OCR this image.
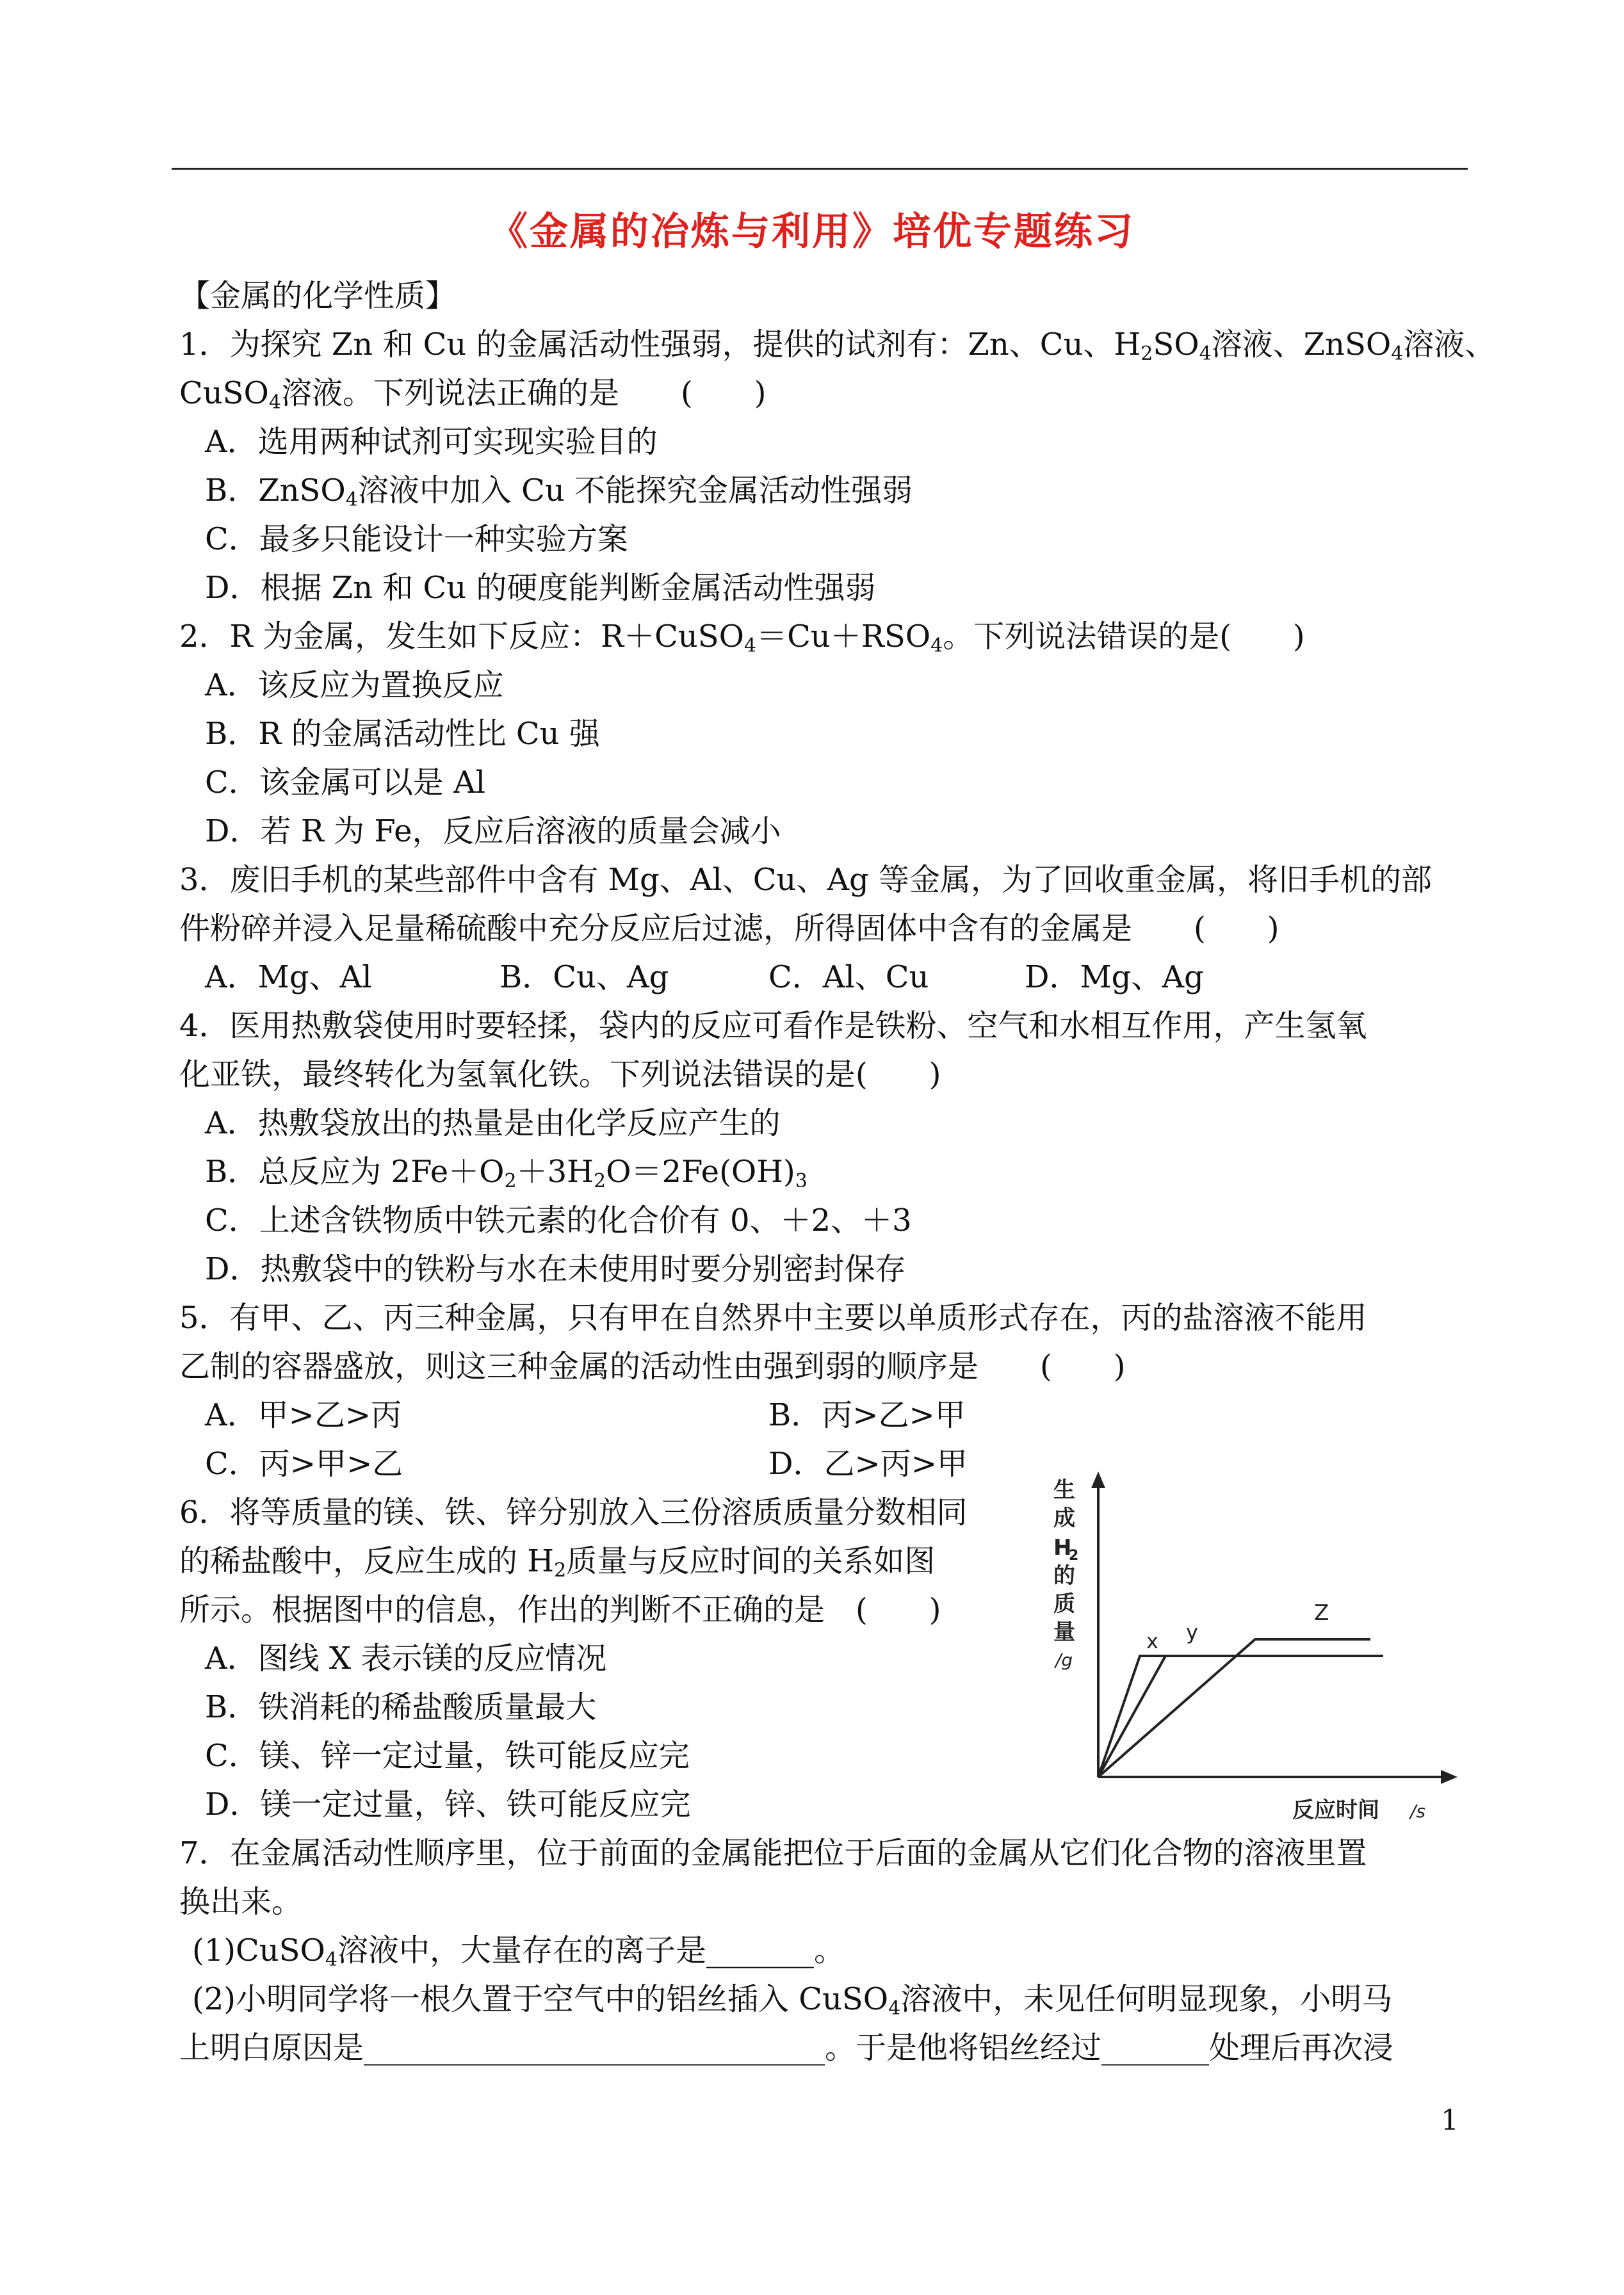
《金属的冶炼与利用》培优专题练习
【金属的化学性质】
1．为探究 Zn 和 Cu 的金属活动性强弱，提供的试剂有：Zn、Cu、$H_2SO_4$溶液、ZnSO$_4$溶液、
CuSO$_4$溶液。下列说法正确的是　　(　　)
A．选用两种试剂可实现实验目的
B．ZnSO$_4$溶液中加入 Cu 不能探究金属活动性强弱
C．最多只能设计一种实验方案
D．根据 Zn 和 Cu 的硬度能判断金属活动性强弱
2．R 为金属，发生如下反应：$R+CuSO_4=Cu+RSO_4$。下列说法错误的是(　　)
A．该反应为置换反应
B．R 的金属活动性比 Cu 强
C．该金属可以是 Al
D．若 R 为 Fe，反应后溶液的质量会减小
3．废旧手机的某些部件中含有 Mg、Al、Cu、Ag 等金属，为了回收重金属，将旧手机的部
件粉碎并浸入足量稀硫酸中充分反应后过滤，所得固体中含有的金属是　　(　　)
A．Mg、Al	B．Cu、Ag	C．Al、Cu	D．Mg、Ag
4．医用热敷袋使用时要轻揉，袋内的反应可看作是铁粉、空气和水相互作用，产生氢氧
化亚铁，最终转化为氢氧化铁。下列说法错误的是(　　)
A．热敷袋放出的热量是由化学反应产生的
B．总反应为 $2Fe+O_2+3H_2O=2Fe(OH)_3$
C．上述含铁物质中铁元素的化合价有 0、＋2、＋3
D．热敷袋中的铁粉与水在未使用时要分别密封保存
5．有甲、乙、丙三种金属，只有甲在自然界中主要以单质形式存在，丙的盐溶液不能用
乙制的容器盛放，则这三种金属的活动性由强到弱的顺序是　　(　　)
A．甲>乙>丙	B．丙>乙>甲
C．丙>甲>乙	D．乙>丙>甲
6．将等质量的镁、铁、锌分别放入三份溶质质量分数相同
的稀盐酸中，反应生成的 $H_2$质量与反应时间的关系如图
所示。根据图中的信息，作出的判断不正确的是　(　　)
A．图线 X 表示镁的反应情况
B．铁消耗的稀盐酸质量最大
C．镁、锌一定过量，铁可能反应完
D．镁一定过量，锌、铁可能反应完
生
成
H
2
的
质
量
/g
反应时间 /s
x y
Z
7．在金属活动性顺序里，位于前面的金属能把位于后面的金属从它们化合物的溶液里置
换出来。
(1)CuSO$_4$溶液中，大量存在的离子是_______。
(2)小明同学将一根久置于空气中的铝丝插入 CuSO$_4$溶液中，未见任何明显现象，小明马
上明白原因是______________________________。于是他将铝丝经过_______处理后再次浸
1
